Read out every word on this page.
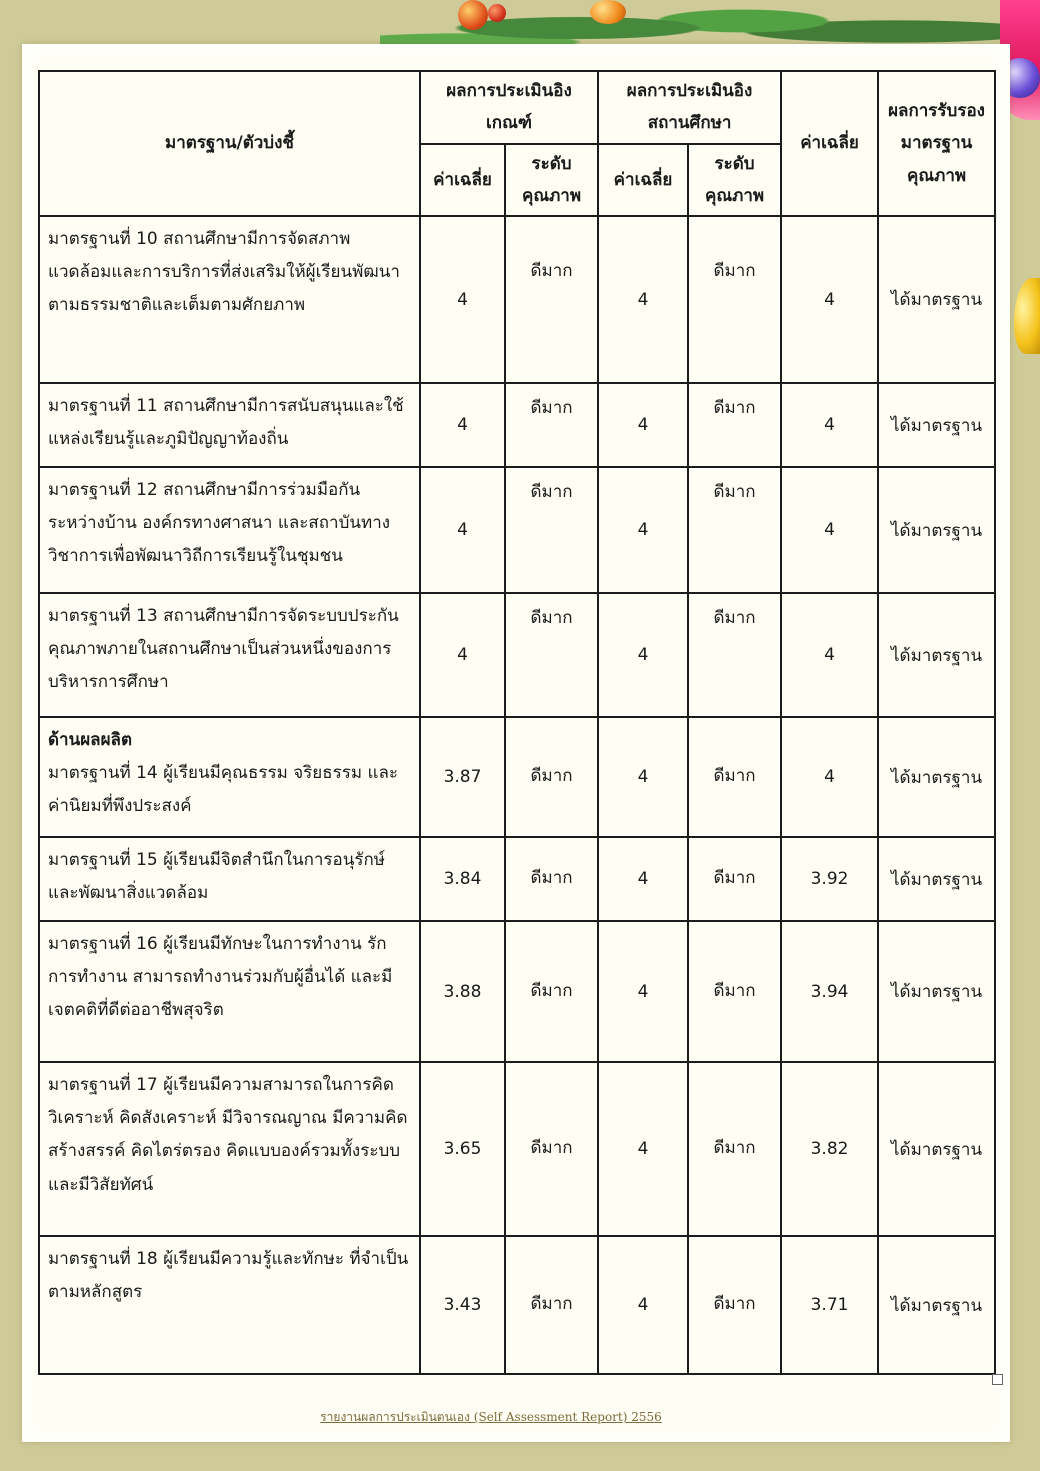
มาตรฐาน/ตัวบ่งชี้	ผลการประเมินอิงเกณฑ์		ผลการประเมินอิงสถานศึกษา		ค่าเฉลี่ย	ผลการรับรองมาตรฐานคุณภาพ
	ค่าเฉลี่ย	ระดับคุณภาพ	ค่าเฉลี่ย	ระดับคุณภาพ		
มาตรฐานที่ 10 สถานศึกษามีการจัดสภาพแวดล้อมและการบริการที่ส่งเสริมให้ผู้เรียนพัฒนาตามธรรมชาติและเต็มตามศักยภาพ	4	ดีมาก	4	ดีมาก	4	ได้มาตรฐาน
มาตรฐานที่ 11 สถานศึกษามีการสนับสนุนและใช้แหล่งเรียนรู้และภูมิปัญญาท้องถิ่น	4	ดีมาก	4	ดีมาก	4	ได้มาตรฐาน
มาตรฐานที่ 12 สถานศึกษามีการร่วมมือกันระหว่างบ้าน องค์กรทางศาสนา และสถาบันทางวิชาการเพื่อพัฒนาวิถีการเรียนรู้ในชุมชน	4	ดีมาก	4	ดีมาก	4	ได้มาตรฐาน
มาตรฐานที่ 13 สถานศึกษามีการจัดระบบประกันคุณภาพภายในสถานศึกษาเป็นส่วนหนึ่งของการบริหารการศึกษา	4	ดีมาก	4	ดีมาก	4	ได้มาตรฐาน

ด้านผลผลิต
มาตรฐานที่ 14 ผู้เรียนมีคุณธรรม จริยธรรม และค่านิยมที่พึงประสงค์	3.87	ดีมาก	4	ดีมาก	4	ได้มาตรฐาน
มาตรฐานที่ 15 ผู้เรียนมีจิตสำนึกในการอนุรักษ์ และพัฒนาสิ่งแวดล้อม	3.84	ดีมาก	4	ดีมาก	3.92	ได้มาตรฐาน
มาตรฐานที่ 16 ผู้เรียนมีทักษะในการทำงาน รักการทำงาน สามารถทำงานร่วมกับผู้อื่นได้ และมีเจตคติที่ดีต่ออาชีพสุจริต	3.88	ดีมาก	4	ดีมาก	3.94	ได้มาตรฐาน
มาตรฐานที่ 17 ผู้เรียนมีความสามารถในการคิดวิเคราะห์ คิดสังเคราะห์ มีวิจารณญาณ มีความคิดสร้างสรรค์ คิดไตร่ตรอง คิดแบบองค์รวมทั้งระบบ และมีวิสัยทัศน์	3.65	ดีมาก	4	ดีมาก	3.82	ได้มาตรฐาน
มาตรฐานที่ 18 ผู้เรียนมีความรู้และทักษะ ที่จำเป็นตามหลักสูตร	3.43	ดีมาก	4	ดีมาก	3.71	ได้มาตรฐาน
รายงานผลการประเมินตนเอง (Self Assessment Report) 2556
